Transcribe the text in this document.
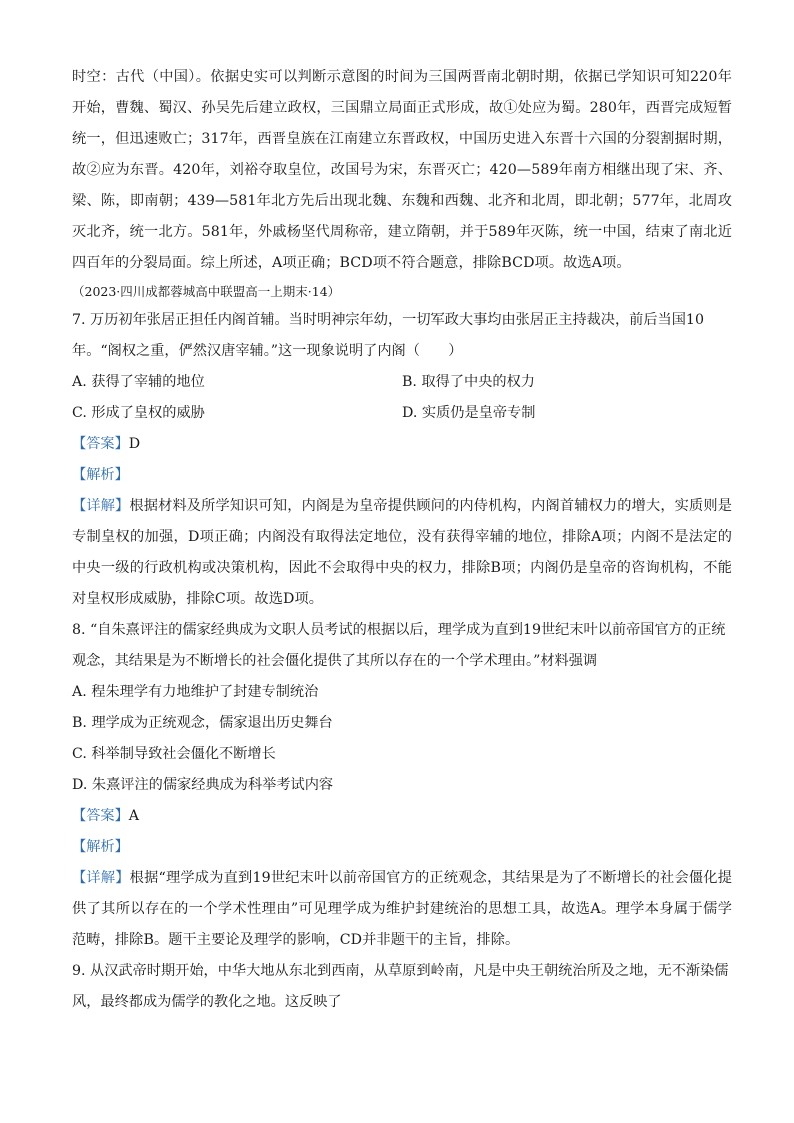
时空：古代（中国）。依据史实可以判断示意图的时间为三国两晋南北朝时期，依据已学知识可知220年开始，曹魏、蜀汉、孙吴先后建立政权，三国鼎立局面正式形成，故①处应为蜀。280年，西晋完成短暂统一，但迅速败亡；317年，西晋皇族在江南建立东晋政权，中国历史进入东晋十六国的分裂割据时期，故②应为东晋。420年，刘裕夺取皇位，改国号为宋，东晋灭亡；420—589年南方相继出现了宋、齐、梁、陈，即南朝；439—581年北方先后出现北魏、东魏和西魏、北齐和北周，即北朝；577年，北周攻灭北齐，统一北方。581年，外戚杨坚代周称帝，建立隋朝，并于589年灭陈，统一中国，结束了南北近四百年的分裂局面。综上所述，A项正确；BCD项不符合题意，排除BCD项。故选A项。

（2023·四川成都蓉城高中联盟高一上期末·14）

7. 万历初年张居正担任内阁首辅。当时明神宗年幼，一切军政大事均由张居正主持裁决，前后当国10年。“阁权之重，俨然汉唐宰辅。”这一现象说明了内阁（　　）

A. 获得了宰辅的地位	B. 取得了中央的权力
C. 形成了皇权的威胁	D. 实质仍是皇帝专制

【答案】D

【解析】

【详解】根据材料及所学知识可知，内阁是为皇帝提供顾问的内侍机构，内阁首辅权力的增大，实质则是专制皇权的加强，D项正确；内阁没有取得法定地位，没有获得宰辅的地位，排除A项；内阁不是法定的中央一级的行政机构或决策机构，因此不会取得中央的权力，排除B项；内阁仍是皇帝的咨询机构，不能对皇权形成威胁，排除C项。故选D项。

8. “自朱熹评注的儒家经典成为文职人员考试的根据以后，理学成为直到19世纪末叶以前帝国官方的正统观念，其结果是为不断增长的社会僵化提供了其所以存在的一个学术理由。”材料强调

A. 程朱理学有力地维护了封建专制统治
B. 理学成为正统观念，儒家退出历史舞台
C. 科举制导致社会僵化不断增长
D. 朱熹评注的儒家经典成为科举考试内容

【答案】A

【解析】

【详解】根据“理学成为直到19世纪末叶以前帝国官方的正统观念，其结果是为了不断增长的社会僵化提供了其所以存在的一个学术性理由”可见理学成为维护封建统治的思想工具，故选A。理学本身属于儒学范畴，排除B。题干主要论及理学的影响，CD并非题干的主旨，排除。

9. 从汉武帝时期开始，中华大地从东北到西南，从草原到岭南，凡是中央王朝统治所及之地，无不渐染儒风，最终都成为儒学的教化之地。这反映了
